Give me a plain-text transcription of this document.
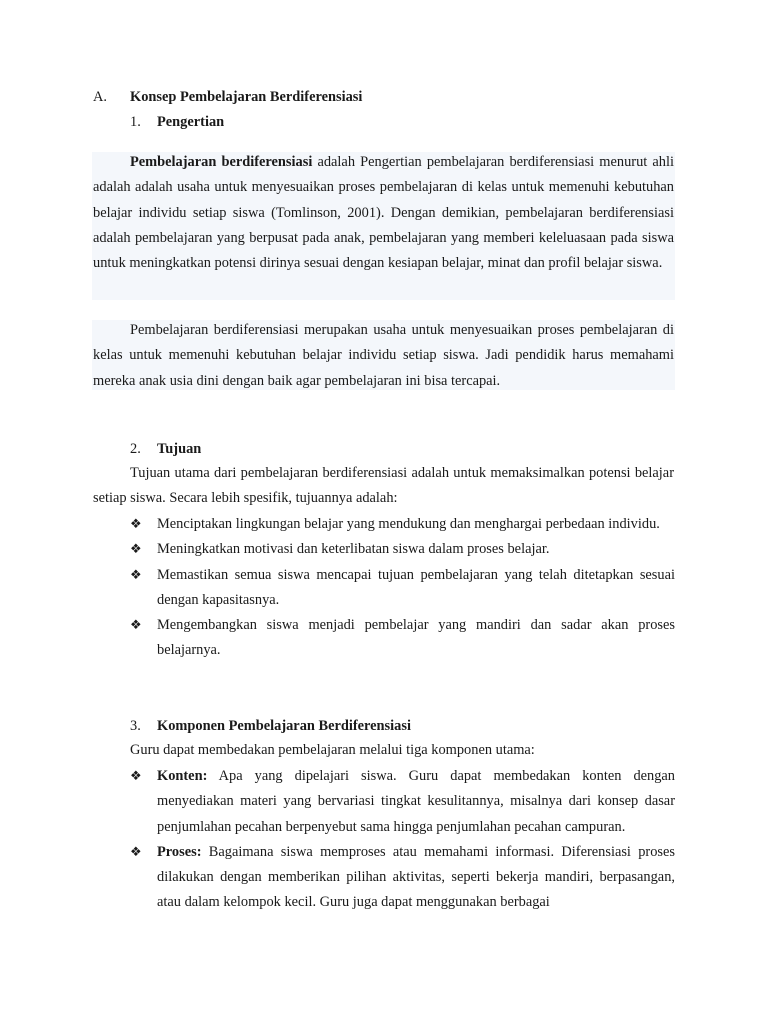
A. Konsep Pembelajaran Berdiferensiasi
1. Pengertian

Pembelajaran berdiferensiasi adalah Pengertian pembelajaran berdiferensiasi menurut ahli adalah adalah usaha untuk menyesuaikan proses pembelajaran di kelas untuk memenuhi kebutuhan belajar individu setiap siswa (Tomlinson, 2001). Dengan demikian, pembelajaran berdiferensiasi adalah pembelajaran yang berpusat pada anak, pembelajaran yang memberi keleluasaan pada siswa untuk meningkatkan potensi dirinya sesuai dengan kesiapan belajar, minat dan profil belajar siswa.

Pembelajaran berdiferensiasi merupakan usaha untuk menyesuaikan proses pembelajaran di kelas untuk memenuhi kebutuhan belajar individu setiap siswa. Jadi pendidik harus memahami mereka anak usia dini dengan baik agar pembelajaran ini bisa tercapai.

2. Tujuan

Tujuan utama dari pembelajaran berdiferensiasi adalah untuk memaksimalkan potensi belajar setiap siswa. Secara lebih spesifik, tujuannya adalah:

❖ Menciptakan lingkungan belajar yang mendukung dan menghargai perbedaan individu.
❖ Meningkatkan motivasi dan keterlibatan siswa dalam proses belajar.
❖ Memastikan semua siswa mencapai tujuan pembelajaran yang telah ditetapkan sesuai dengan kapasitasnya.
❖ Mengembangkan siswa menjadi pembelajar yang mandiri dan sadar akan proses belajarnya.
3. Komponen Pembelajaran Berdiferensiasi

Guru dapat membedakan pembelajaran melalui tiga komponen utama:

❖ Konten: Apa yang dipelajari siswa. Guru dapat membedakan konten dengan menyediakan materi yang bervariasi tingkat kesulitannya, misalnya dari konsep dasar penjumlahan pecahan berpenyebut sama hingga penjumlahan pecahan campuran.
❖ Proses: Bagaimana siswa memproses atau memahami informasi. Diferensiasi proses dilakukan dengan memberikan pilihan aktivitas, seperti bekerja mandiri, berpasangan, atau dalam kelompok kecil. Guru juga dapat menggunakan berbagai
